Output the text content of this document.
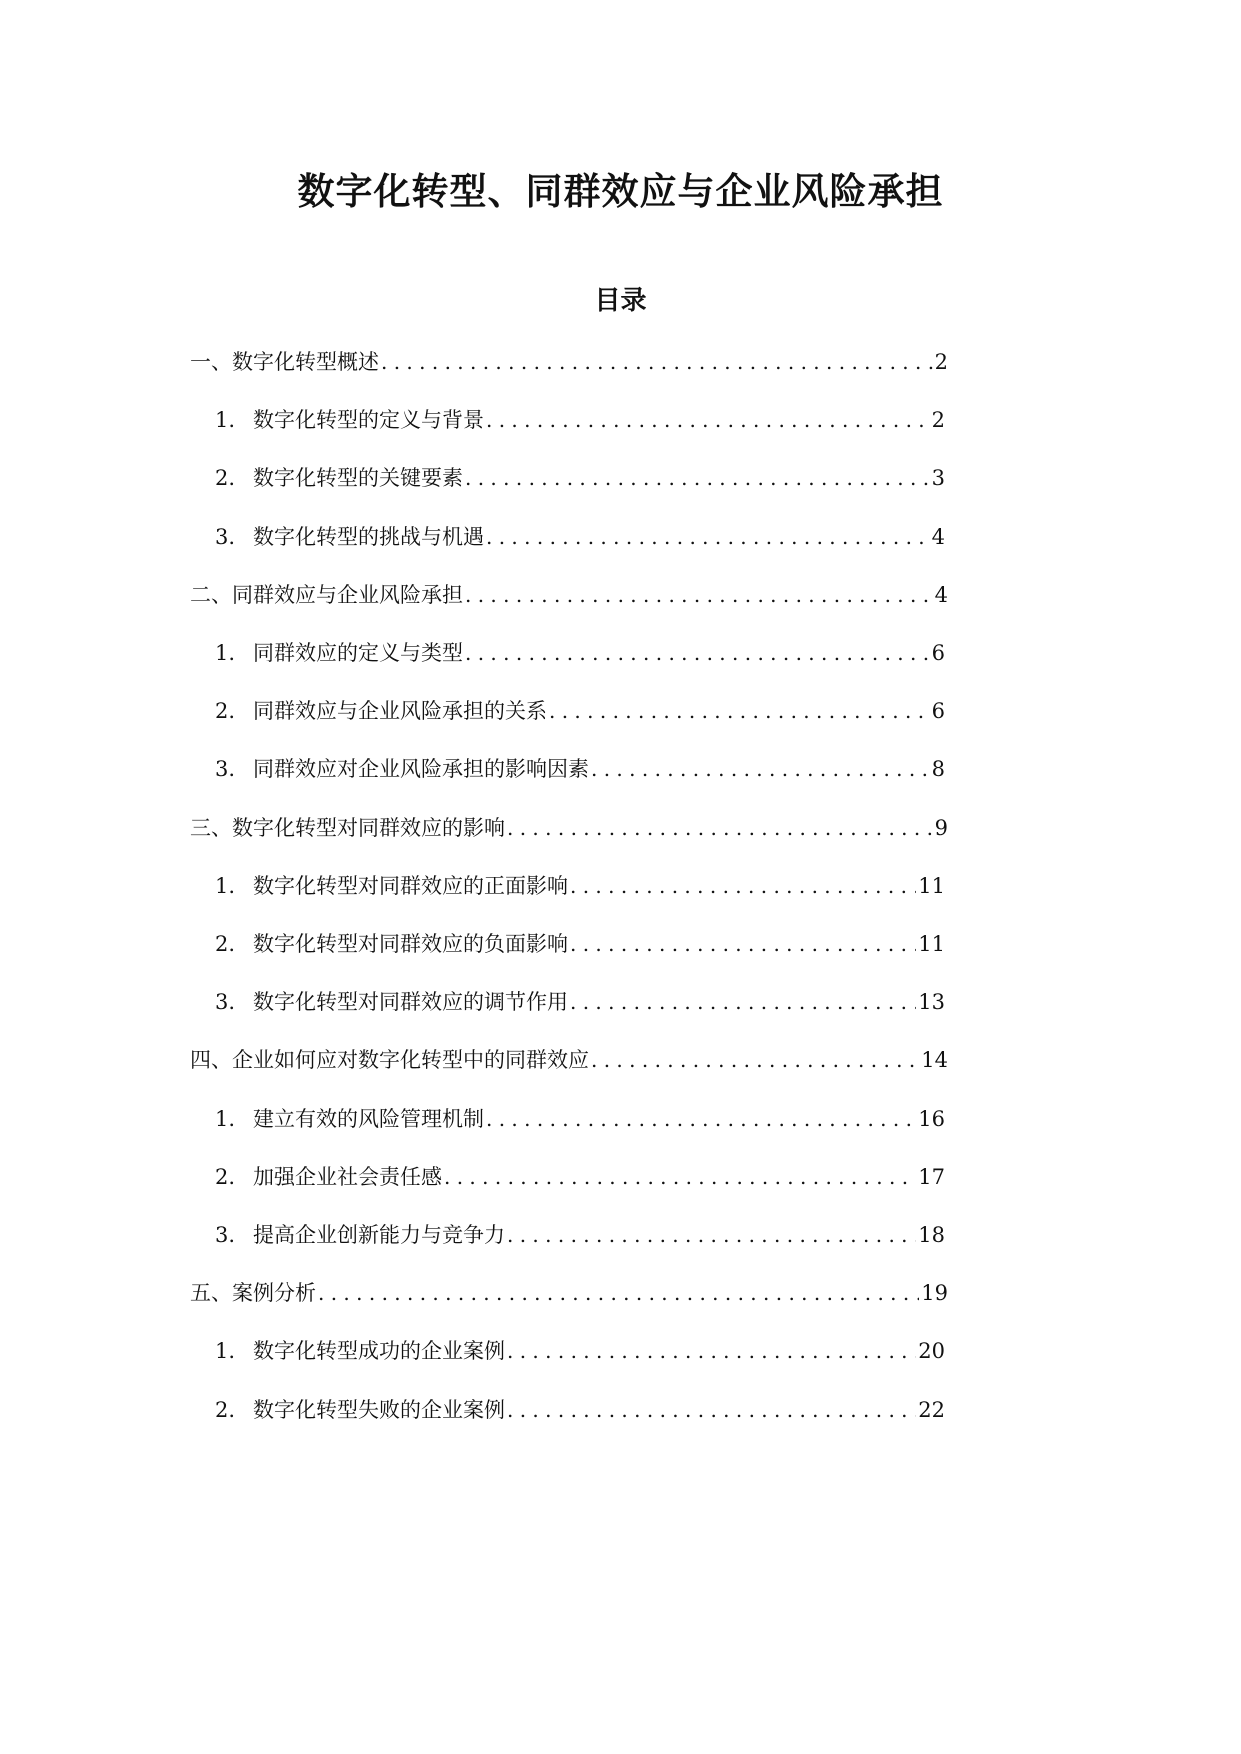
数字化转型、同群效应与企业风险承担
目录
一、数字化转型概述 . . .	2
1. 数字化转型的定义与背景 . . .	2
2. 数字化转型的关键要素 . . .	3
3. 数字化转型的挑战与机遇 . . .	4
二、同群效应与企业风险承担 . . .	4
1. 同群效应的定义与类型 . . .	6
2. 同群效应与企业风险承担的关系 . . .	6
3. 同群效应对企业风险承担的影响因素 . . .	8
三、数字化转型对同群效应的影响 . . .	9
1. 数字化转型对同群效应的正面影响 . . .	11
2. 数字化转型对同群效应的负面影响 . . .	11
3. 数字化转型对同群效应的调节作用 . . .	13
四、企业如何应对数字化转型中的同群效应 . . .	14
1. 建立有效的风险管理机制 . . .	16
2. 加强企业社会责任感 . . .	17
3. 提高企业创新能力与竞争力 . . .	18
五、案例分析 . . .	19
1. 数字化转型成功的企业案例 . . .	20
2. 数字化转型失败的企业案例 . . .	22
